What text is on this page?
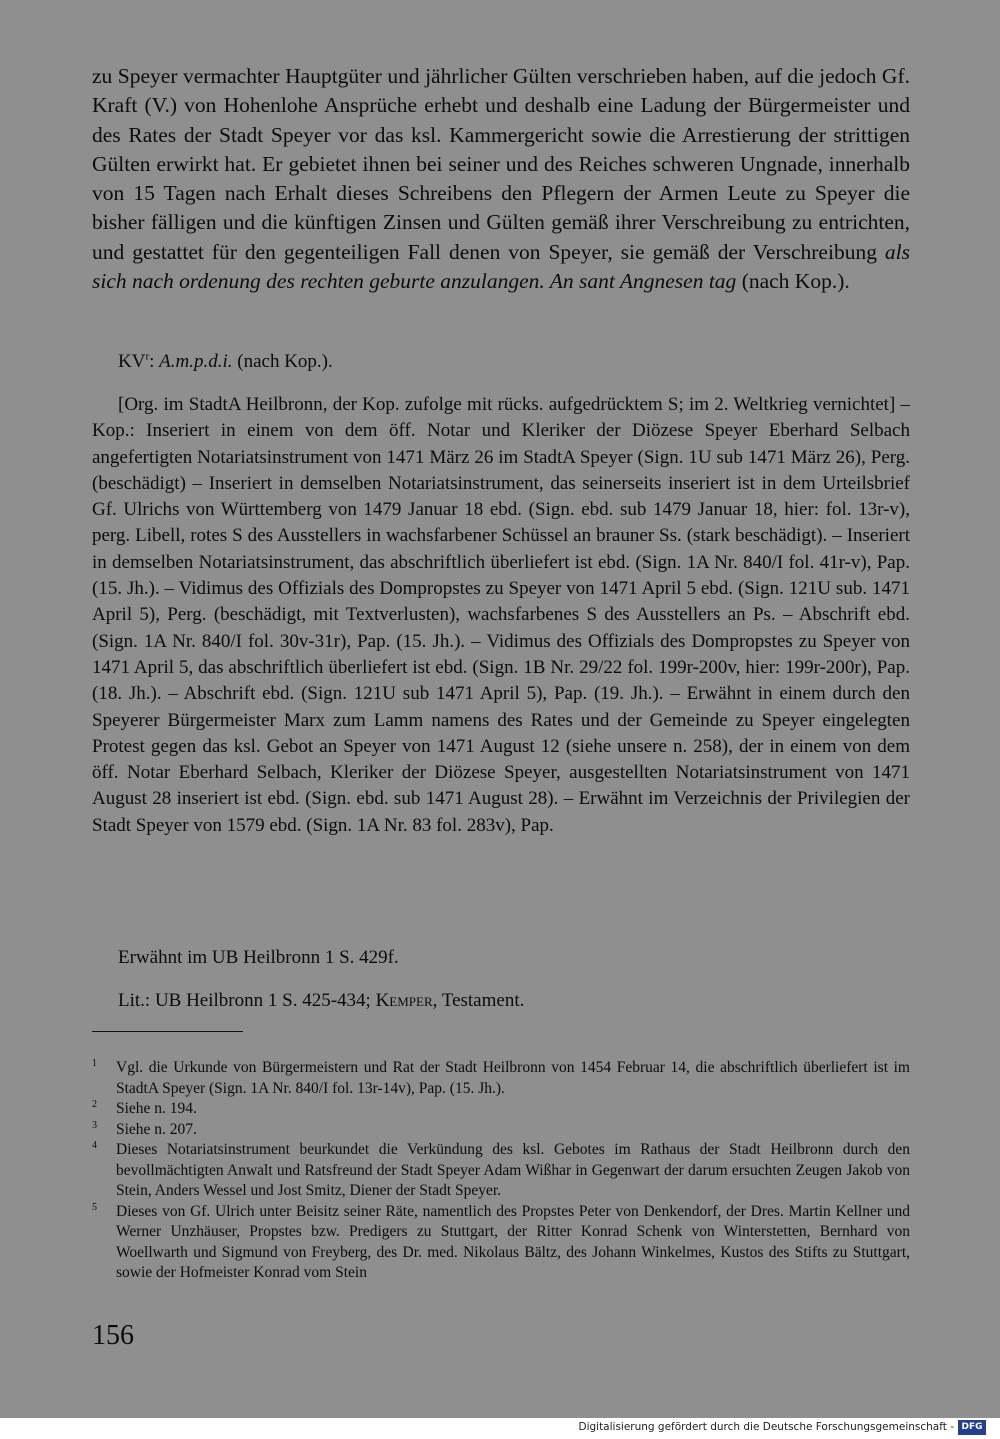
zu Speyer vermachter Hauptgüter und jährlicher Gülten verschrieben haben, auf die jedoch Gf. Kraft (V.) von Hohenlohe Ansprüche erhebt und deshalb eine Ladung der Bürgermeister und des Rates der Stadt Speyer vor das ksl. Kammergericht sowie die Arrestierung der strittigen Gülten erwirkt hat. Er gebietet ihnen bei seiner und des Reiches schweren Ungnade, innerhalb von 15 Tagen nach Erhalt dieses Schreibens den Pflegern der Armen Leute zu Speyer die bisher fälligen und die künftigen Zinsen und Gülten gemäß ihrer Verschreibung zu entrichten, und gestattet für den gegenteiligen Fall denen von Speyer, sie gemäß der Verschreibung als sich nach ordenung des rechten geburte anzulangen. An sant Angnesen tag (nach Kop.).

$KV^r$: A.m.p.d.i. (nach Kop.).

[Org. im StadtA Heilbronn, der Kop. zufolge mit rücks. aufgedrücktem S; im 2. Weltkrieg vernichtet] – Kop.: Inseriert in einem von dem öff. Notar und Kleriker der Diözese Speyer Eberhard Selbach angefertigten Notariatsinstrument von 1471 März 26 im StadtA Speyer (Sign. 1U sub 1471 März 26), Perg. (beschädigt) – Inseriert in demselben Notariatsinstrument, das seinerseits inseriert ist in dem Urteilsbrief Gf. Ulrichs von Württemberg von 1479 Januar 18 ebd. (Sign. ebd. sub 1479 Januar 18, hier: fol. 13r-v), perg. Libell, rotes S des Ausstellers in wachsfarbener Schüssel an brauner Ss. (stark beschädigt). – Inseriert in demselben Notariatsinstrument, das abschriftlich überliefert ist ebd. (Sign. 1A Nr. 840/I fol. 41r-v), Pap. (15. Jh.). – Vidimus des Offizials des Dompropstes zu Speyer von 1471 April 5 ebd. (Sign. 121U sub. 1471 April 5), Perg. (beschädigt, mit Textverlusten), wachsfarbenes S des Ausstellers an Ps. – Abschrift ebd. (Sign. 1A Nr. 840/I fol. 30v-31r), Pap. (15. Jh.). – Vidimus des Offizials des Dompropstes zu Speyer von 1471 April 5, das abschriftlich überliefert ist ebd. (Sign. 1B Nr. 29/22 fol. 199r-200v, hier: 199r-200r), Pap. (18. Jh.). – Abschrift ebd. (Sign. 121U sub 1471 April 5), Pap. (19. Jh.). – Erwähnt in einem durch den Speyerer Bürgermeister Marx zum Lamm namens des Rates und der Gemeinde zu Speyer eingelegten Protest gegen das ksl. Gebot an Speyer von 1471 August 12 (siehe unsere n. 258), der in einem von dem öff. Notar Eberhard Selbach, Kleriker der Diözese Speyer, ausgestellten Notariatsinstrument von 1471 August 28 inseriert ist ebd. (Sign. ebd. sub 1471 August 28). – Erwähnt im Verzeichnis der Privilegien der Stadt Speyer von 1579 ebd. (Sign. 1A Nr. 83 fol. 283v), Pap.

Erwähnt im UB Heilbronn 1 S. 429f.
Lit.: UB Heilbronn 1 S. 425-434; Kemper, Testament.
1 Vgl. die Urkunde von Bürgermeistern und Rat der Stadt Heilbronn von 1454 Februar 14, die abschriftlich überliefert ist im StadtA Speyer (Sign. 1A Nr. 840/I fol. 13r-14v), Pap. (15. Jh.).
2 Siehe n. 194.
3 Siehe n. 207.
4 Dieses Notariatsinstrument beurkundet die Verkündung des ksl. Gebotes im Rathaus der Stadt Heilbronn durch den bevollmächtigten Anwalt und Ratsfreund der Stadt Speyer Adam Wißhar in Gegenwart der darum ersuchten Zeugen Jakob von Stein, Anders Wessel und Jost Smitz, Diener der Stadt Speyer.
5 Dieses von Gf. Ulrich unter Beisitz seiner Räte, namentlich des Propstes Peter von Denkendorf, der Dres. Martin Kellner und Werner Unzhäuser, Propstes bzw. Predigers zu Stuttgart, der Ritter Konrad Schenk von Winterstetten, Bernhard von Woellwarth und Sigmund von Freyberg, des Dr. med. Nikolaus Bältz, des Johann Winkelmes, Kustos des Stifts zu Stuttgart, sowie der Hofmeister Konrad vom Stein
156
Digitalisierung gefördert durch die Deutsche Forschungsgemeinschaft - DFG
